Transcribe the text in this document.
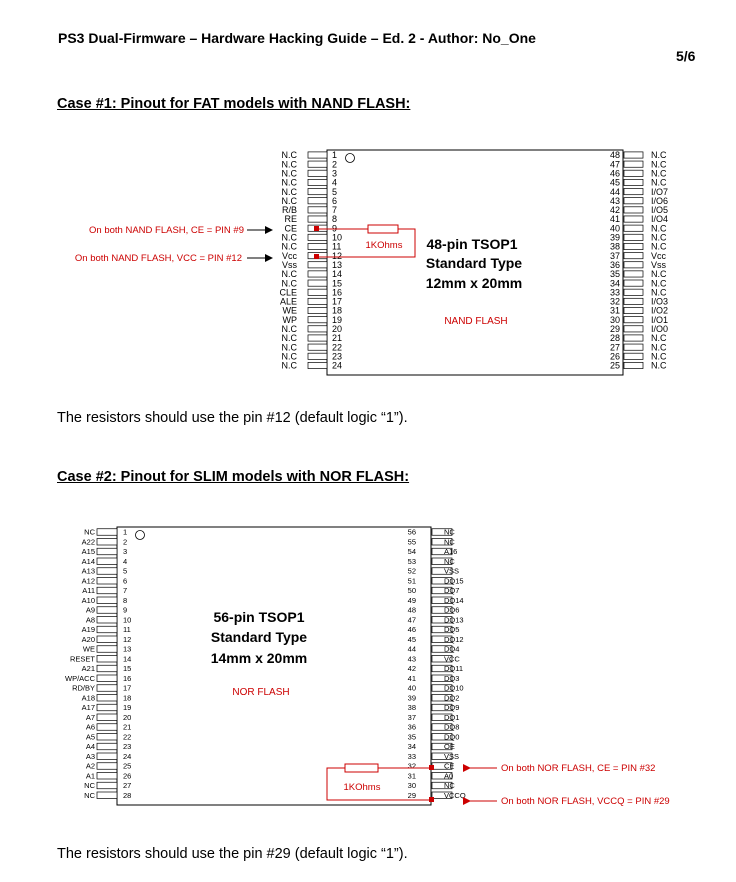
PS3 Dual-Firmware – Hardware Hacking Guide – Ed. 2 - Author: No_One
5/6
Case #1: Pinout for FAT models with NAND FLASH:
The resistors should use the pin #12 (default logic “1”).
Case #2: Pinout for SLIM models with NOR FLASH:
The resistors should use the pin #29 (default logic “1”).
N.C	1
N.C	2
N.C	3
N.C	4
N.C	5
N.C	6
R/B	7
RE	8
CE	9
N.C	10
N.C	11
Vcc	12
Vss	13
N.C	14
N.C	15
CLE	16
ALE	17
WE	18
WP	19
N.C	20
N.C	21
N.C	22
N.C	23
N.C	24
48	N.C
47	N.C
46	N.C
45	N.C
44	I/O7
43	I/O6
42	I/O5
41	I/O4
40	N.C
39	N.C
38	N.C
37	Vcc
36	Vss
35	N.C
34	N.C
33	N.C
32	I/O3
31	I/O2
30	I/O1
29	I/O0
28	N.C
27	N.C
26	N.C
25	N.C
48-pin TSOP1
Standard Type
12mm x 20mm
NAND FLASH
1KOhms
On both NAND FLASH, CE = PIN #9
On both NAND FLASH, VCC = PIN #12
NC	1
A22	2
A15	3
A14	4
A13	5
A12	6
A11	7
A10	8
A9	9
A8	10
A19	11
A20	12
WE	13
RESET	14
A21	15
WP/ACC	16
RD/BY	17
A18	18
A17	19
A7	20
A6	21
A5	22
A4	23
A3	24
A2	25
A1	26
NC	27
NC	28
56	NC
55	NC
54	A16
53	NC
52	VSS
51	DQ15
50	DQ7
49	DQ14
48	DQ6
47	DQ13
46	DQ5
45	DQ12
44	DQ4
43	VCC
42	DQ11
41	DQ3
40	DQ10
39	DQ2
38	DQ9
37	DQ1
36	DQ8
35	DQ0
34	OE
33	VSS
32	CE
31	A0
30	NC
29	VCCQ
56-pin TSOP1
Standard Type
14mm x 20mm
NOR FLASH
1KOhms
On both NOR FLASH, CE = PIN #32
On both NOR FLASH, VCCQ = PIN #29
